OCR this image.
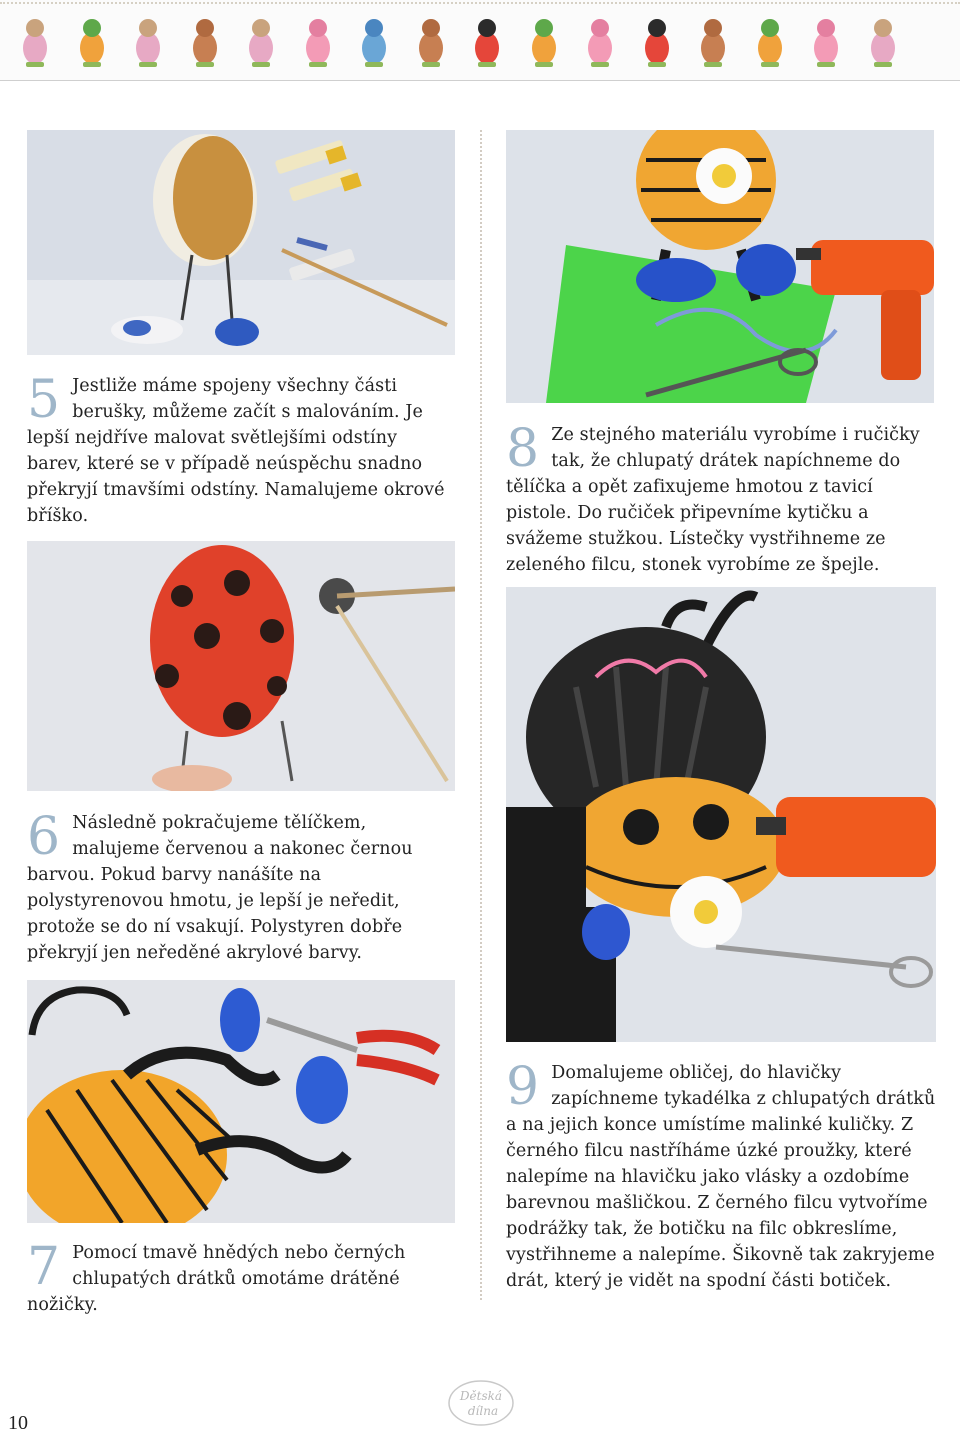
5 Jestliže máme spojeny všechny části berušky, můžeme začít s malováním. Je lepší nejdříve malovat světlejšími odstíny barev, které se v případě neúspěchu snadno překryjí tmavšími odstíny. Namalujeme okrové bříško.
6 Následně pokračujeme tělíčkem, malujeme červenou a nakonec černou barvou. Pokud barvy nanášíte na polystyrenovou hmotu, je lepší je neředit, protože se do ní vsakují. Polystyren dobře překryjí jen neředěné akrylové barvy.
7 Pomocí tmavě hnědých nebo černých chlupatých drátků omotáme drátěné nožičky.
8 Ze stejného materiálu vyrobíme i ručičky tak, že chlupatý drátek napíchneme do tělíčka a opět zafixujeme hmotou z tavicí pistole. Do ručiček připevníme kytičku a svážeme stužkou. Lístečky vystřihneme ze zeleného filcu, stonek vyrobíme ze špejle.
9 Domalujeme obličej, do hlavičky zapíchneme tykadélka z chlupatých drátků a na jejich konce umístíme malinké kuličky. Z černého filcu nastříháme úzké proužky, které nalepíme na hlavičku jako vlásky a ozdobíme barevnou mašličkou. Z černého filcu vytvoříme podrážky tak, že botičku na filc obkreslíme, vystřihneme a nalepíme. Šikovně tak zakryjeme drát, který je vidět na spodní části botiček.
Dětská
dílna
10
